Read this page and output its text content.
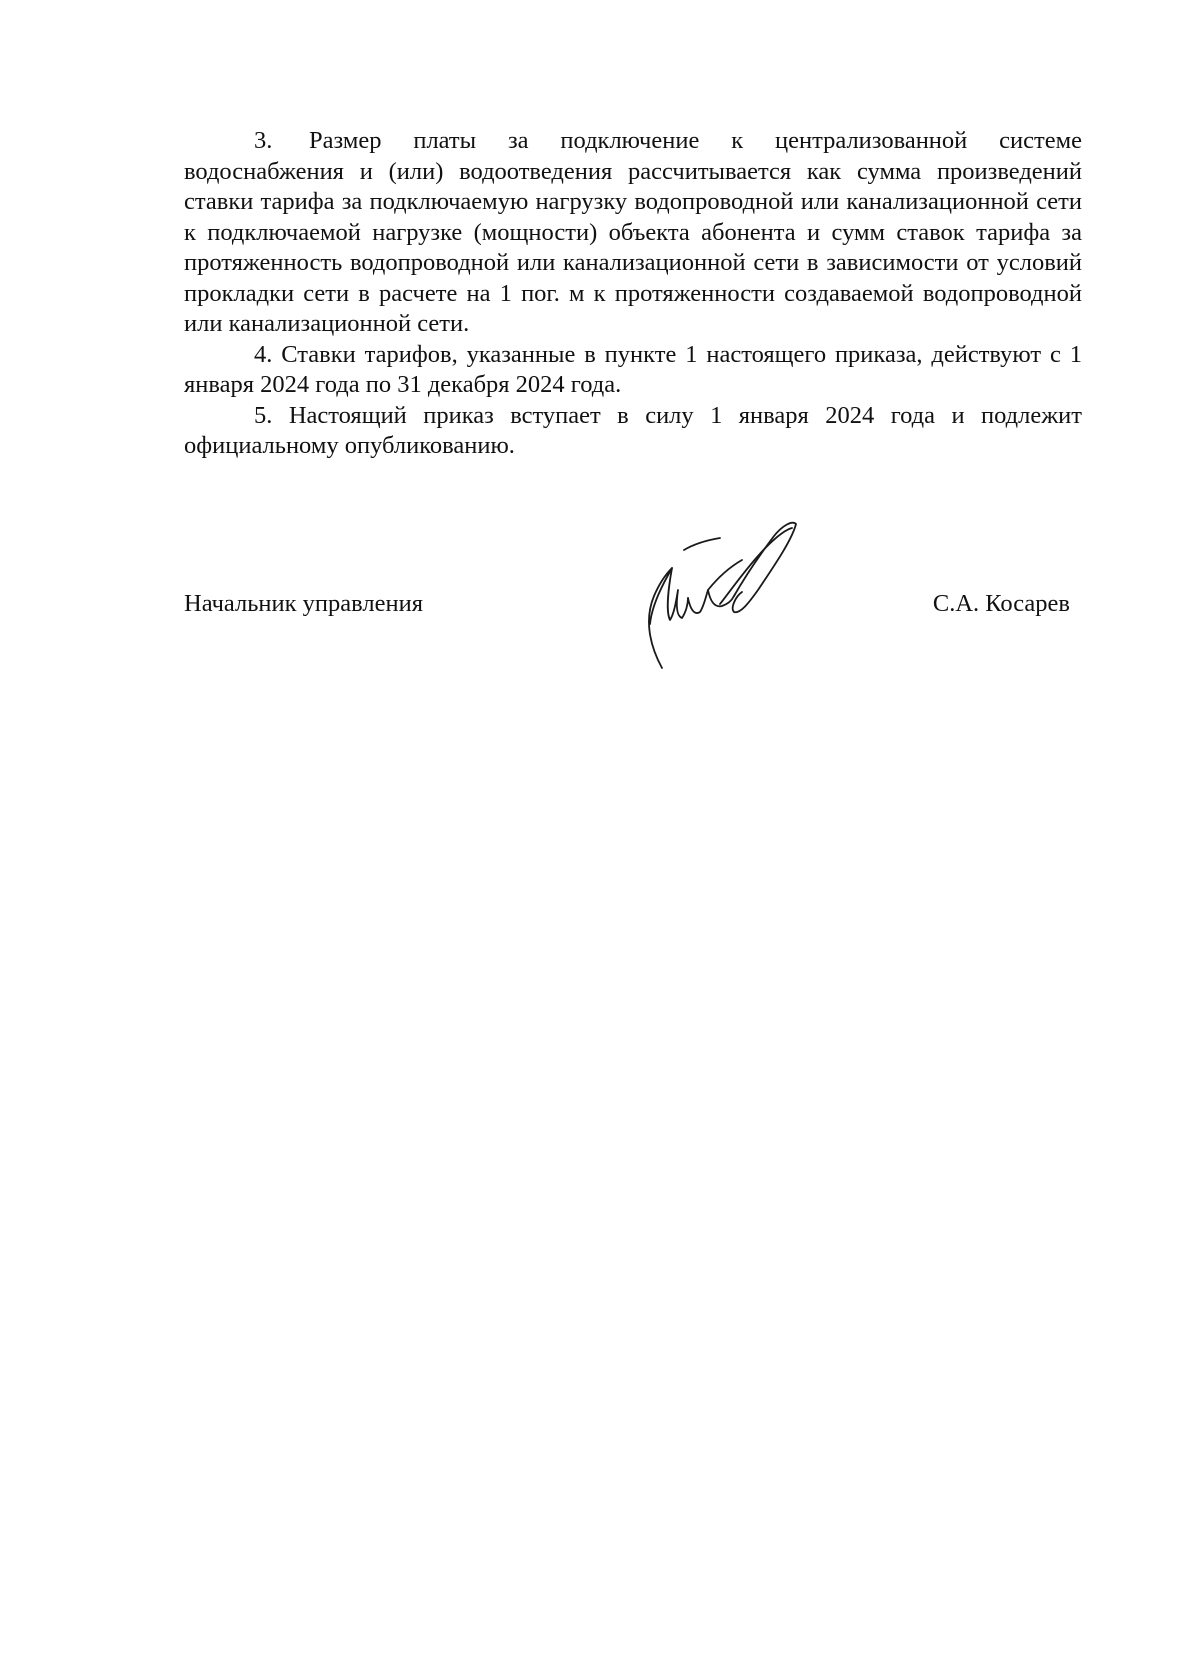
3. Размер платы за подключение к централизованной системе водоснабжения и (или) водоотведения рассчитывается как сумма произведений ставки тарифа за подключаемую нагрузку водопроводной или канализационной сети к подключаемой нагрузке (мощности) объекта абонента и сумм ставок тарифа за протяженность водопроводной или канализационной сети в зависимости от условий прокладки сети в расчете на 1 пог. м к протяженности создаваемой водопроводной или канализационной сети.

4. Ставки тарифов, указанные в пункте 1 настоящего приказа, действуют с 1 января 2024 года по 31 декабря 2024 года.

5. Настоящий приказ вступает в силу 1 января 2024 года и подлежит официальному опубликованию.

Начальник управления	С.А. Косарев
